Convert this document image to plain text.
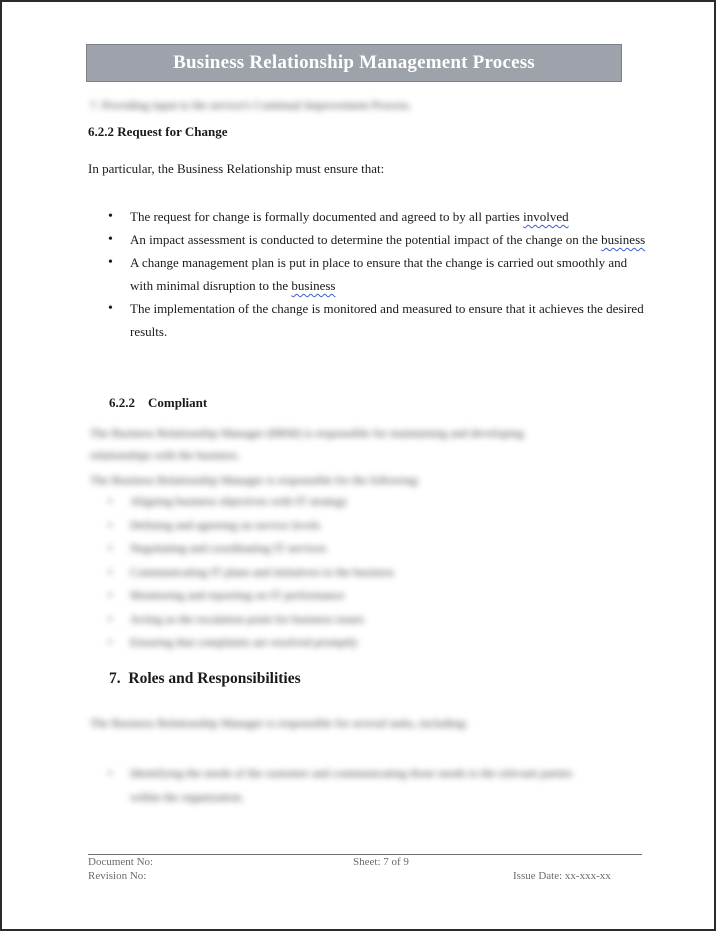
Business Relationship Management Process
7. Providing input to the service's Continual Improvement Process.
6.2.2 Request for Change
In particular, the Business Relationship must ensure that:
• The request for change is formally documented and agreed to by all parties involved
• An impact assessment is conducted to determine the potential impact of the change on the business
• A change management plan is put in place to ensure that the change is carried out smoothly and with minimal disruption to the business
• The implementation of the change is monitored and measured to ensure that it achieves the desired results.
6.2.2 Compliant
The Business Relationship Manager (BRM) is responsible for maintaining and developing
relationships with the business.
The Business Relationship Manager is responsible for the following:
• Aligning business objectives with IT strategy
• Defining and agreeing on service levels
• Negotiating and coordinating IT services
• Communicating IT plans and initiatives to the business
• Monitoring and reporting on IT performance
• Acting as the escalation point for business issues
• Ensuring that complaints are resolved promptly
7. Roles and Responsibilities
The Business Relationship Manager is responsible for several tasks, including:
• Identifying the needs of the customer and communicating those needs to the relevant parties
within the organization.
Document No:
Revision No:
Sheet: 7 of 9
Issue Date: xx-xxx-xx
